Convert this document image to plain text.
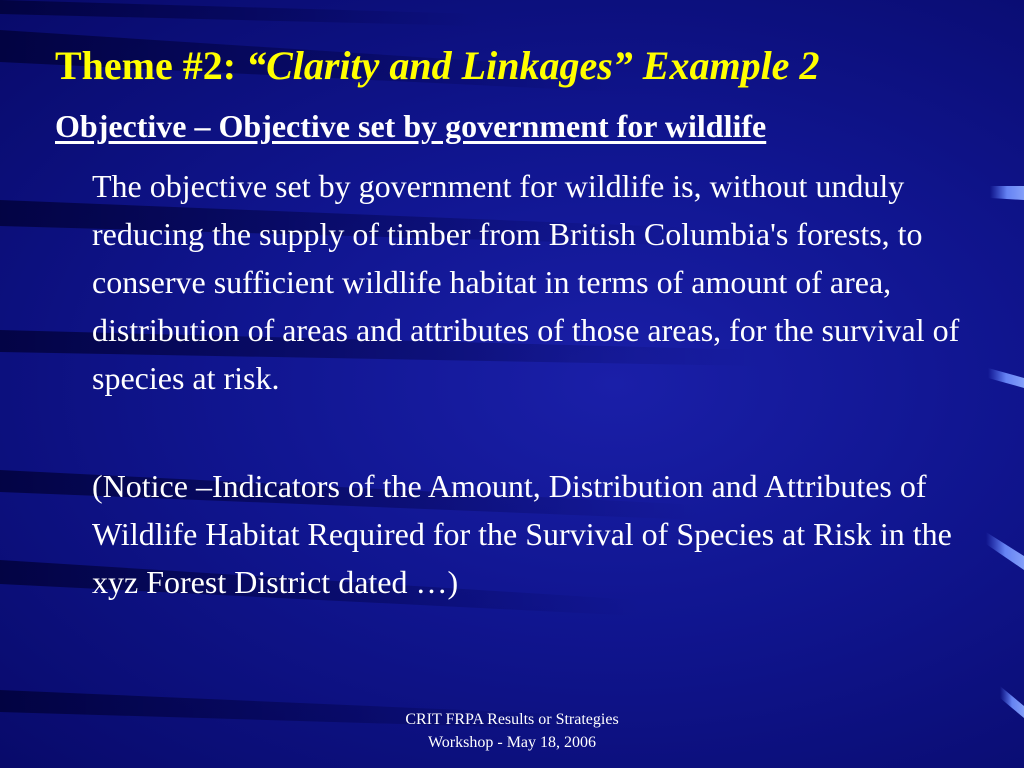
Theme #2: “Clarity and Linkages” Example 2
Objective – Objective set by government for wildlife

The objective set by government for wildlife is, without unduly reducing the supply of timber from British Columbia's forests, to conserve sufficient wildlife habitat in terms of amount of area, distribution of areas and attributes of those areas, for the survival of species at risk.

(Notice –Indicators of the Amount, Distribution and Attributes of Wildlife Habitat Required for the Survival of Species at Risk in the xyz Forest District dated …)

CRIT FRPA Results or Strategies
Workshop - May 18, 2006
